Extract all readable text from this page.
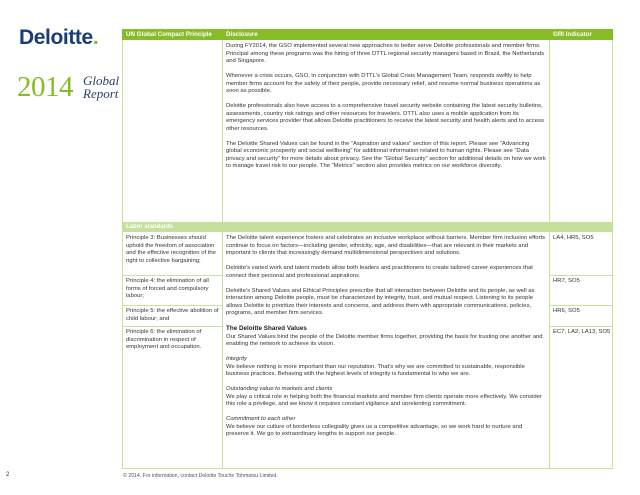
Deloitte.
2014 Global
Report
UN Global Compact Principle Disclosure	GRI Indicator

During FY2014, the GSO implemented several new approaches to better serve Deloitte professionals and member firms. Principal among these programs was the hiring of three DTTL regional security managers based in Brazil, the Netherlands and Singapore.

Whenever a crisis occurs, GSO, in conjunction with DTTL's Global Crisis Management Team, responds swiftly to help member firms account for the safety of their people, provide necessary relief, and resume normal business operations as soon as possible.

Deloitte professionals also have access to a comprehensive travel security website containing the latest security bulletins, assessments, country risk ratings and other resources for travelers. DTTL also uses a mobile application from its emergency services provider that allows Deloitte practitioners to receive the latest security and health alerts and to access other resources.

The Deloitte Shared Values can be found in the “Aspiration and values” section of this report. Please see “Advancing global economic prosperity and social wellbeing” for additional information related to human rights. Please see “Data privacy and security” for more details about privacy. See the “Global Security” section for additional details on how we work to manage travel risk to our people. The “Metrics” section also provides metrics on our workforce diversity.

Labor standards
Principle 3: Businesses should uphold the freedom of association and the effective recognition of the right to collective bargaining;
Principle 4: the elimination of all forms of forced and compulsory labour;
Principle 5: the effective abolition of child labour; and
Principle 6: the elimination of discrimination in respect of employment and occupation.
LA4, HR5, SO5
HR7, SO5
HR6, SO5
EC7, LA2, LA13, SO5

The Deloitte talent experience fosters and celebrates an inclusive workplace without barriers. Member firm inclusion efforts continue to focus on factors—including gender, ethnicity, age, and disabilities—that are relevant in their markets and important to clients that increasingly demand multidimensional perspectives and solutions.

Deloitte's varied work and talent models allow both leaders and practitioners to create tailored career experiences that connect their personal and professional aspirations.

Deloitte's Shared Values and Ethical Principles prescribe that all interaction between Deloitte and its people, as well as interaction among Deloitte people, must be characterized by integrity, trust, and mutual respect. Listening to its people allows Deloitte to prioritize their interests and concerns, and address them with appropriate communications, policies, programs, and member firm services.

The Deloitte Shared Values

Our Shared Values bind the people of the Deloitte member firms together, providing the basis for trusting one another and enabling the network to achieve its vision.

Integrity

We believe nothing is more important than our reputation. That's why we are committed to sustainable, responsible business practices. Behaving with the highest levels of integrity is fundamental to who we are.

Outstanding value to markets and clients

We play a critical role in helping both the financial markets and member firm clients operate more effectively. We consider this role a privilege, and we know it requires constant vigilance and unrelenting commitment.

Commitment to each other

We believe our culture of borderless collegiality gives us a competitive advantage, so we work hard to nurture and preserve it. We go to extraordinary lengths to support our people.

2	© 2014. For information, contact Deloitte Touche Tohmatsu Limited.
